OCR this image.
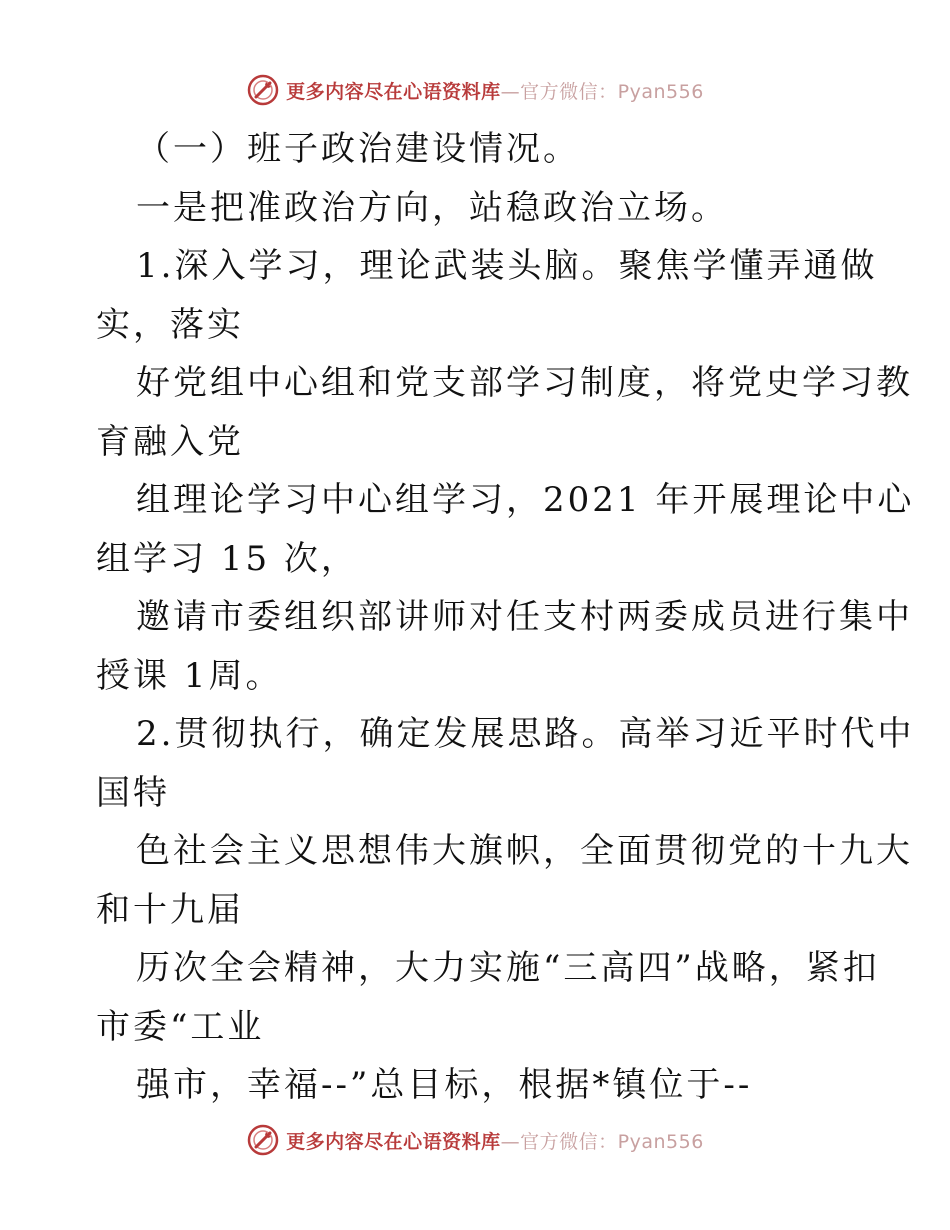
更多内容尽在心语资料库—官方微信：Pyan556
（一）班子政治建设情况。
一是把准政治方向，站稳政治立场。
1.深入学习，理论武装头脑。聚焦学懂弄通做
实，落实
好党组中心组和党支部学习制度，将党史学习教
育融入党
组理论学习中心组学习，2021 年开展理论中心
组学习 15 次，
邀请市委组织部讲师对任支村两委成员进行集中
授课 1周。
2.贯彻执行，确定发展思路。高举习近平时代中
国特
色社会主义思想伟大旗帜，全面贯彻党的十九大
和十九届
历次全会精神，大力实施“三高四”战略，紧扣
市委“工业
强市，幸福--”总目标，根据*镇位于--
更多内容尽在心语资料库—官方微信：Pyan556
